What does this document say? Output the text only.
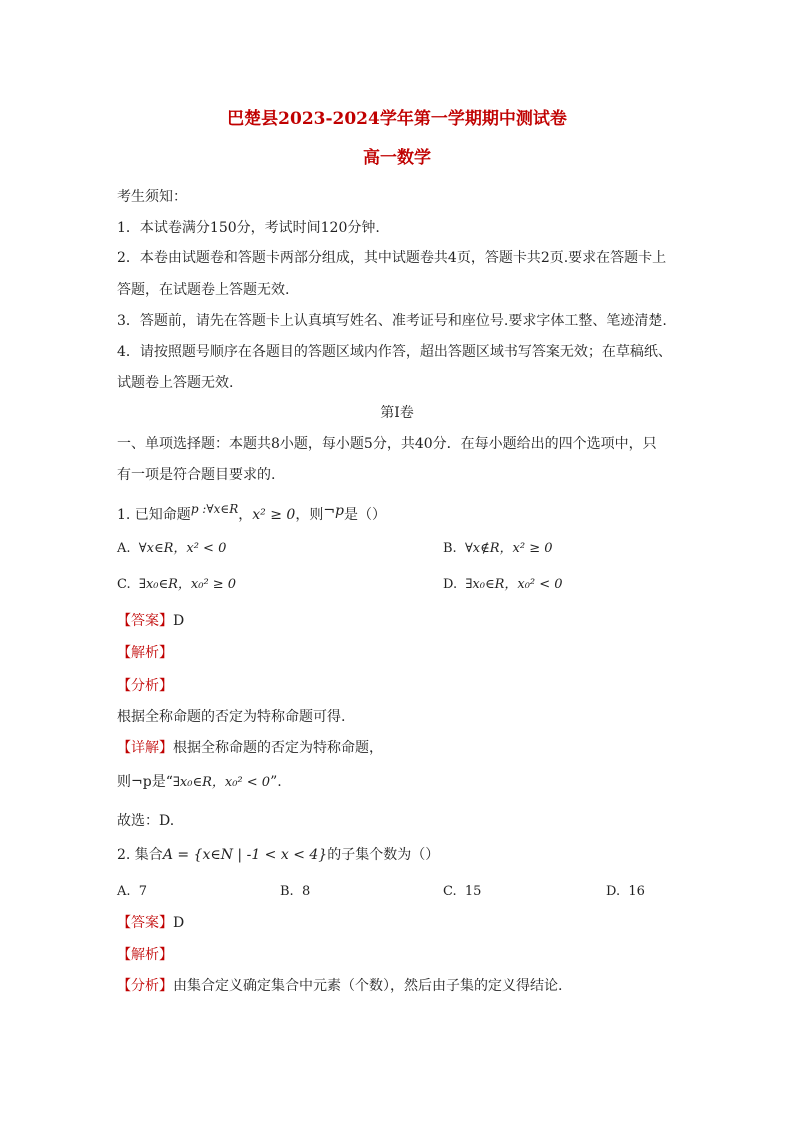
巴楚县2023-2024学年第一学期期中测试卷
高一数学
考生须知：
1．本试卷满分150分，考试时间120分钟.
2．本卷由试题卷和答题卡两部分组成，其中试题卷共4页，答题卡共2页.要求在答题卡上
答题，在试题卷上答题无效.
3．答题前，请先在答题卡上认真填写姓名、准考证号和座位号.要求字体工整、笔迹清楚.
4．请按照题号顺序在各题目的答题区域内作答，超出答题区域书写答案无效；在草稿纸、
试题卷上答题无效.
第I卷
一、单项选择题：本题共8小题，每小题5分，共40分．在每小题给出的四个选项中，只
有一项是符合题目要求的.
1. 已知命题p :∀x∈R，x² ≥ 0，则¬p是（）
A. ∀x∈R，x² < 0	B. ∀x∉R，x² ≥ 0
C. ∃x₀∈R，x₀² ≥ 0	D. ∃x₀∈R，x₀² < 0
【答案】D
【解析】
【分析】
根据全称命题的否定为特称命题可得.
【详解】根据全称命题的否定为特称命题，
则¬p是“∃x₀∈R，x₀² < 0”.
故选：D.
2. 集合A = {x∈N | -1 < x < 4}的子集个数为（）
A. 7	B. 8	C. 15	D. 16
【答案】D
【解析】
【分析】由集合定义确定集合中元素（个数），然后由子集的定义得结论.
